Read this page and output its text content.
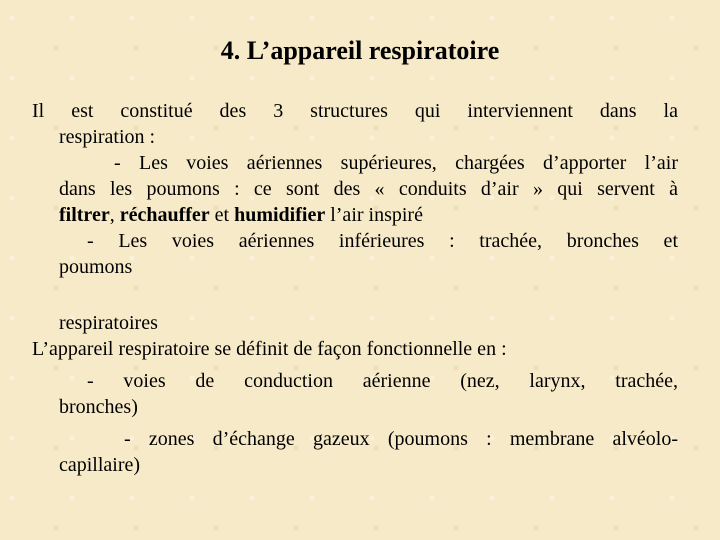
4. L’appareil respiratoire

Il est constitué des 3 structures qui interviennent dans la

respiration :

- Les voies aériennes supérieures, chargées d’apporter l’air

dans les poumons : ce sont des « conduits d’air » qui servent à

filtrer, réchauffer et humidifier l’air inspiré

- Les voies aériennes inférieures : trachée, bronches et

poumons

respiratoires

L’appareil respiratoire se définit de façon fonctionnelle en :

- voies de conduction aérienne (nez, larynx, trachée,

bronches)

- zones d’échange gazeux (poumons : membrane alvéolo-

capillaire)
